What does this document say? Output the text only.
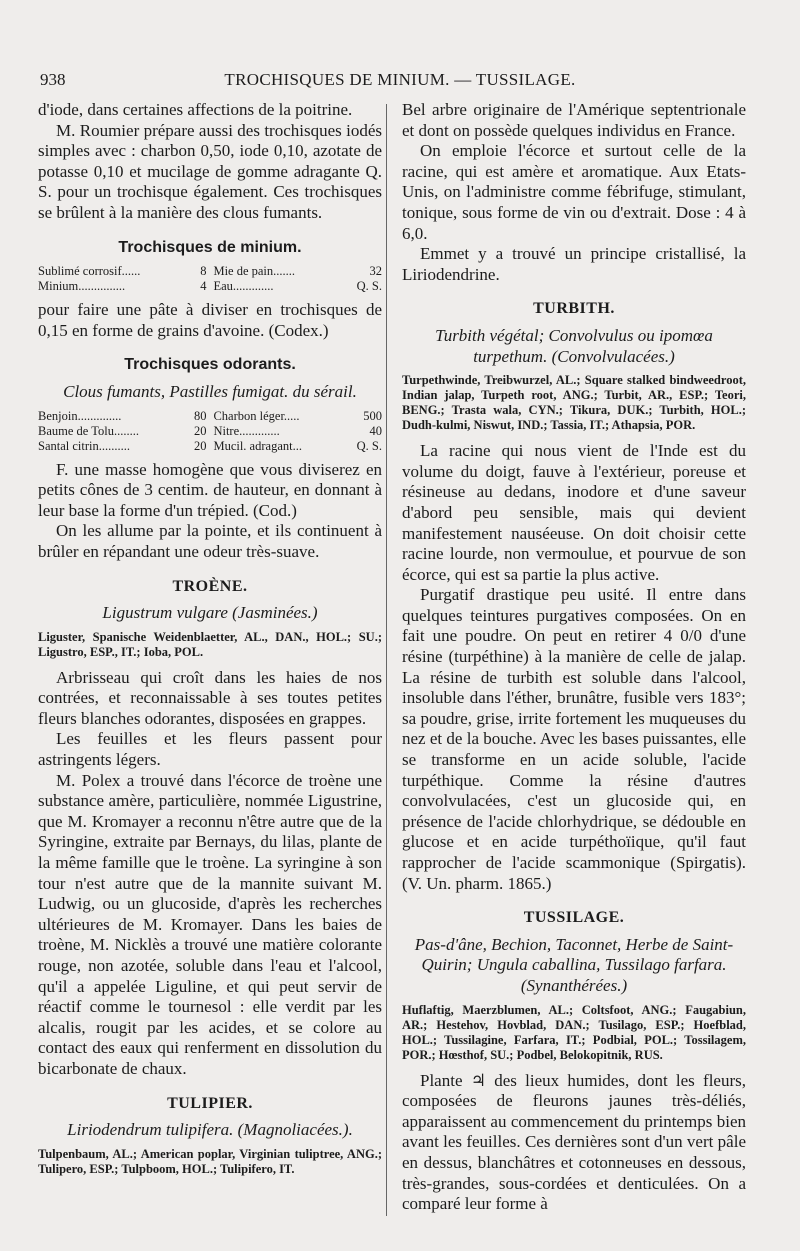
938	TROCHISQUES DE MINIUM. — TUSSILAGE.

d'iode, dans certaines affections de la poitrine.

M. Roumier prépare aussi des trochisques iodés simples avec : charbon 0,50, iode 0,10, azotate de potasse 0,10 et mucilage de gomme adragante Q. S. pour un trochisque également. Ces trochisques se brûlent à la manière des clous fumants.

Trochisques de minium.
Sublimé corrosif......	8 Mie de pain.......	32
Minium...............	4 Eau.............	Q. S.

pour faire une pâte à diviser en trochisques de 0,15 en forme de grains d'avoine. (Codex.)

Trochisques odorants.
Clous fumants, Pastilles fumigat. du sérail.
Benjoin..............	80 Charbon léger.....	500
Baume de Tolu........	20 Nitre.............	40
Santal citrin..........	20 Mucil. adragant...	Q. S.

F. une masse homogène que vous diviserez en petits cônes de 3 centim. de hauteur, en donnant à leur base la forme d'un trépied. (Cod.)

On les allume par la pointe, et ils continuent à brûler en répandant une odeur très-suave.

TROÈNE.
Ligustrum vulgare (Jasminées.)
Liguster, Spanische Weidenblaetter, AL., DAN., HOL.; SU.; Ligustro, ESP., IT.; Ioba, POL.

Arbrisseau qui croît dans les haies de nos contrées, et reconnaissable à ses toutes petites fleurs blanches odorantes, disposées en grappes.

Les feuilles et les fleurs passent pour astringents légers.

M. Polex a trouvé dans l'écorce de troène une substance amère, particulière, nommée Ligustrine, que M. Kromayer a reconnu n'être autre que de la Syringine, extraite par Bernays, du lilas, plante de la même famille que le troène. La syringine à son tour n'est autre que de la mannite suivant M. Ludwig, ou un glucoside, d'après les recherches ultérieures de M. Kromayer. Dans les baies de troène, M. Nicklès a trouvé une matière colorante rouge, non azotée, soluble dans l'eau et l'alcool, qu'il a appelée Liguline, et qui peut servir de réactif comme le tournesol : elle verdit par les alcalis, rougit par les acides, et se colore au contact des eaux qui renferment en dissolution du bicarbonate de chaux.

TULIPIER.
Liriodendrum tulipifera. (Magnoliacées.).
Tulpenbaum, AL.; American poplar, Virginian tuliptree, ANG.; Tulipero, ESP.; Tulpboom, HOL.; Tulipifero, IT.

Bel arbre originaire de l'Amérique septentrionale et dont on possède quelques individus en France.

On emploie l'écorce et surtout celle de la racine, qui est amère et aromatique. Aux Etats-Unis, on l'administre comme fébrifuge, stimulant, tonique, sous forme de vin ou d'extrait. Dose : 4 à 6,0.

Emmet y a trouvé un principe cristallisé, la Liriodendrine.

TURBITH.
Turbith végétal; Convolvulus ou ipomœa turpethum. (Convolvulacées.)
Turpethwinde, Treibwurzel, AL.; Square stalked bindweedroot, Indian jalap, Turpeth root, ANG.; Turbit, AR., ESP.; Teori, BENG.; Trasta wala, CYN.; Tikura, DUK.; Turbith, HOL.; Dudh-kulmi, Niswut, IND.; Tassia, IT.; Athapsia, POR.

La racine qui nous vient de l'Inde est du volume du doigt, fauve à l'extérieur, poreuse et résineuse au dedans, inodore et d'une saveur d'abord peu sensible, mais qui devient manifestement nauséeuse. On doit choisir cette racine lourde, non vermoulue, et pourvue de son écorce, qui est sa partie la plus active.

Purgatif drastique peu usité. Il entre dans quelques teintures purgatives composées. On en fait une poudre. On peut en retirer 4 0/0 d'une résine (turpéthine) à la manière de celle de jalap. La résine de turbith est soluble dans l'alcool, insoluble dans l'éther, brunâtre, fusible vers 183°; sa poudre, grise, irrite fortement les muqueuses du nez et de la bouche. Avec les bases puissantes, elle se transforme en un acide soluble, l'acide turpéthique. Comme la résine d'autres convolvulacées, c'est un glucoside qui, en présence de l'acide chlorhydrique, se dédouble en glucose et en acide turpéthoïique, qu'il faut rapprocher de l'acide scammonique (Spirgatis). (V. Un. pharm. 1865.)

TUSSILAGE.
Pas-d'âne, Bechion, Taconnet, Herbe de Saint-Quirin; Ungula caballina, Tussilago farfara. (Synanthérées.)
Huflaftig, Maerzblumen, AL.; Coltsfoot, ANG.; Faugabiun, AR.; Hestehov, Hovblad, DAN.; Tusilago, ESP.; Hoefblad, HOL.; Tussilagine, Farfara, IT.; Podbial, POL.; Tossilagem, POR.; Hœsthof, SU.; Podbel, Belokopitnik, RUS.

Plante ♃ des lieux humides, dont les fleurs, composées de fleurons jaunes très-déliés, apparaissent au commencement du printemps bien avant les feuilles. Ces dernières sont d'un vert pâle en dessus, blanchâtres et cotonneuses en dessous, très-grandes, sous-cordées et denticulées. On a comparé leur forme à
